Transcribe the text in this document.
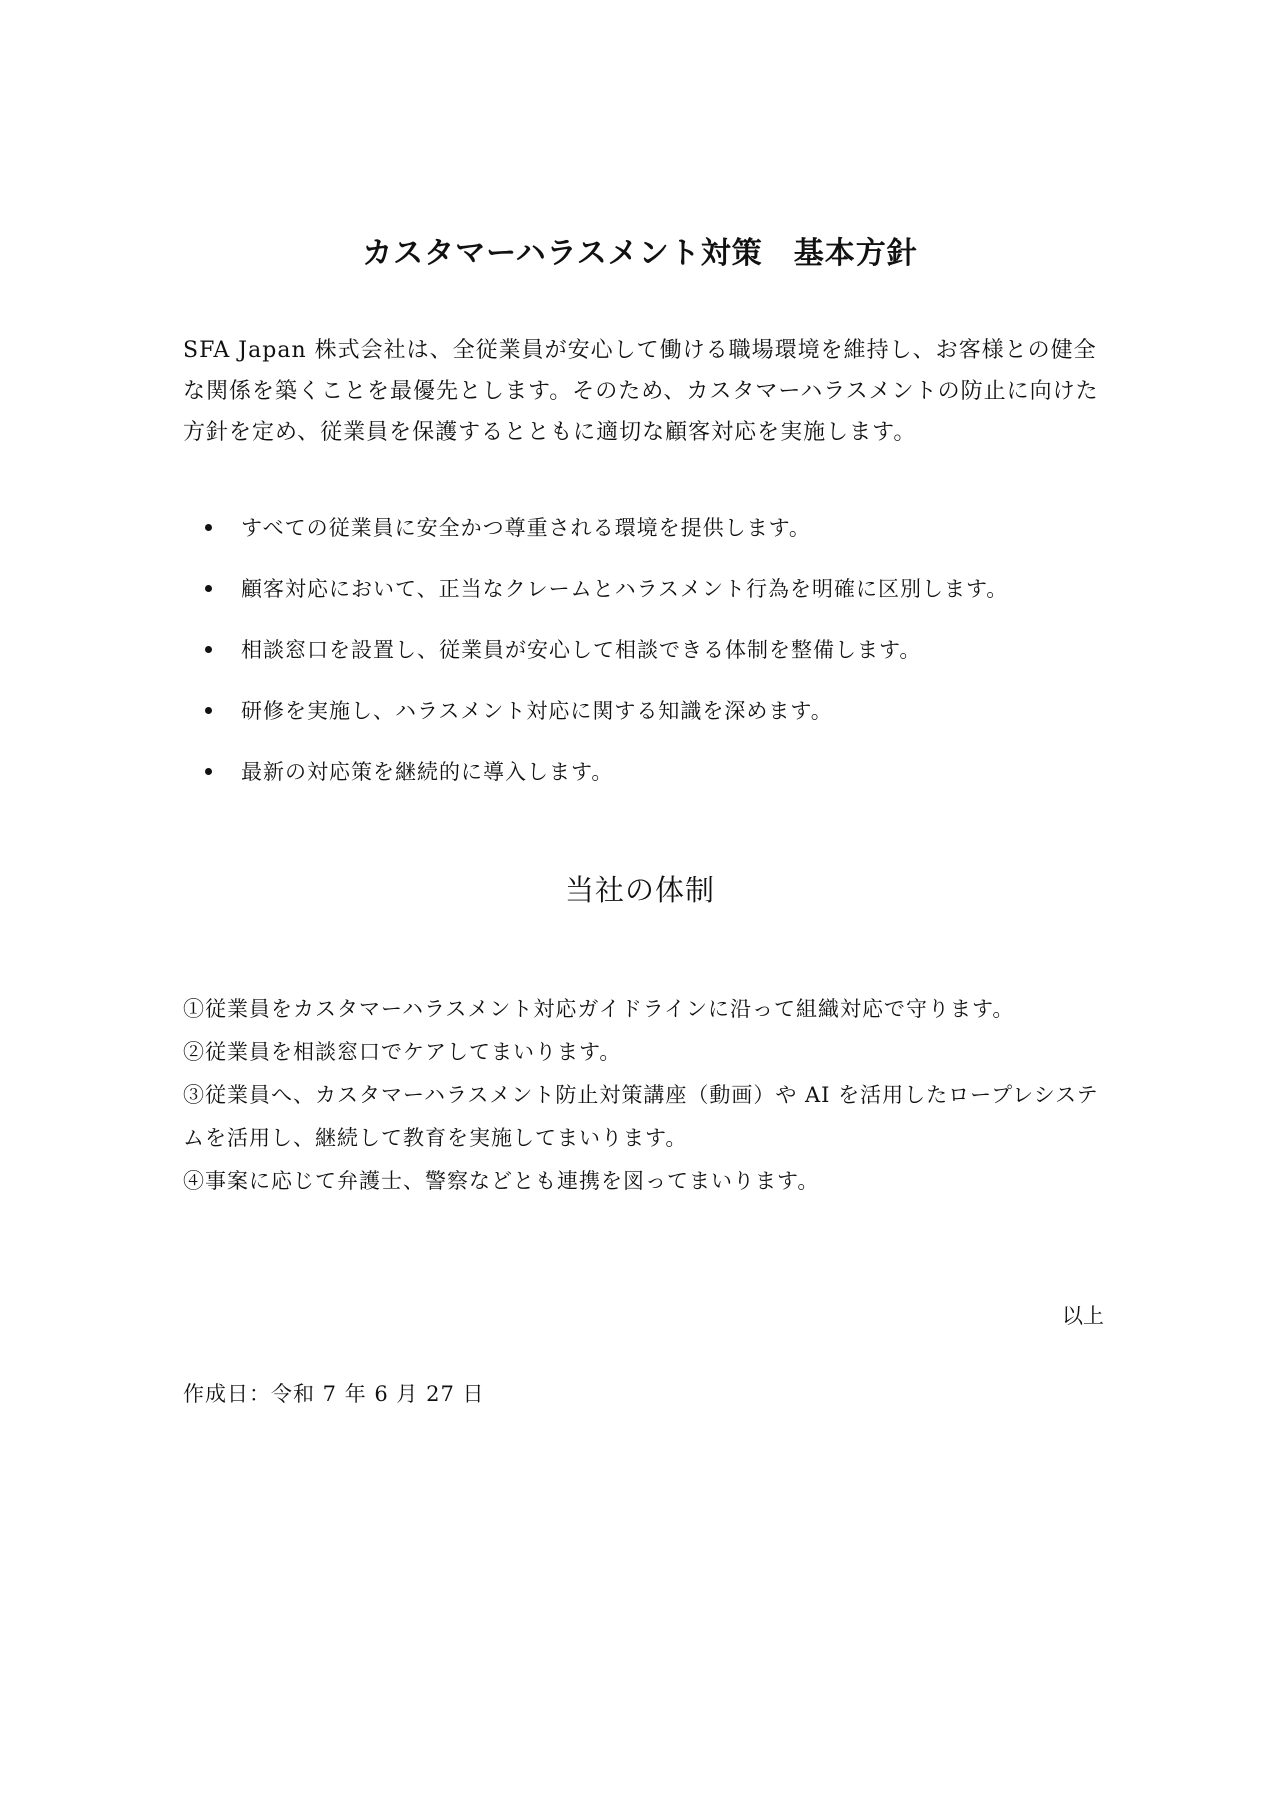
カスタマーハラスメント対策　基本方針

SFA Japan 株式会社は、全従業員が安心して働ける職場環境を維持し、お客様との健全な関係を築くことを最優先とします。そのため、カスタマーハラスメントの防止に向けた方針を定め、従業員を保護するとともに適切な顧客対応を実施します。

すべての従業員に安全かつ尊重される環境を提供します。
顧客対応において、正当なクレームとハラスメント行為を明確に区別します。
相談窓口を設置し、従業員が安心して相談できる体制を整備します。
研修を実施し、ハラスメント対応に関する知識を深めます。
最新の対応策を継続的に導入します。
当社の体制

①従業員をカスタマーハラスメント対応ガイドラインに沿って組織対応で守ります。

②従業員を相談窓口でケアしてまいります。

③従業員へ、カスタマーハラスメント防止対策講座（動画）や AI を活用したロープレシステムを活用し、継続して教育を実施してまいります。

④事案に応じて弁護士、警察などとも連携を図ってまいります。

以上
作成日：令和 7 年 6 月 27 日
